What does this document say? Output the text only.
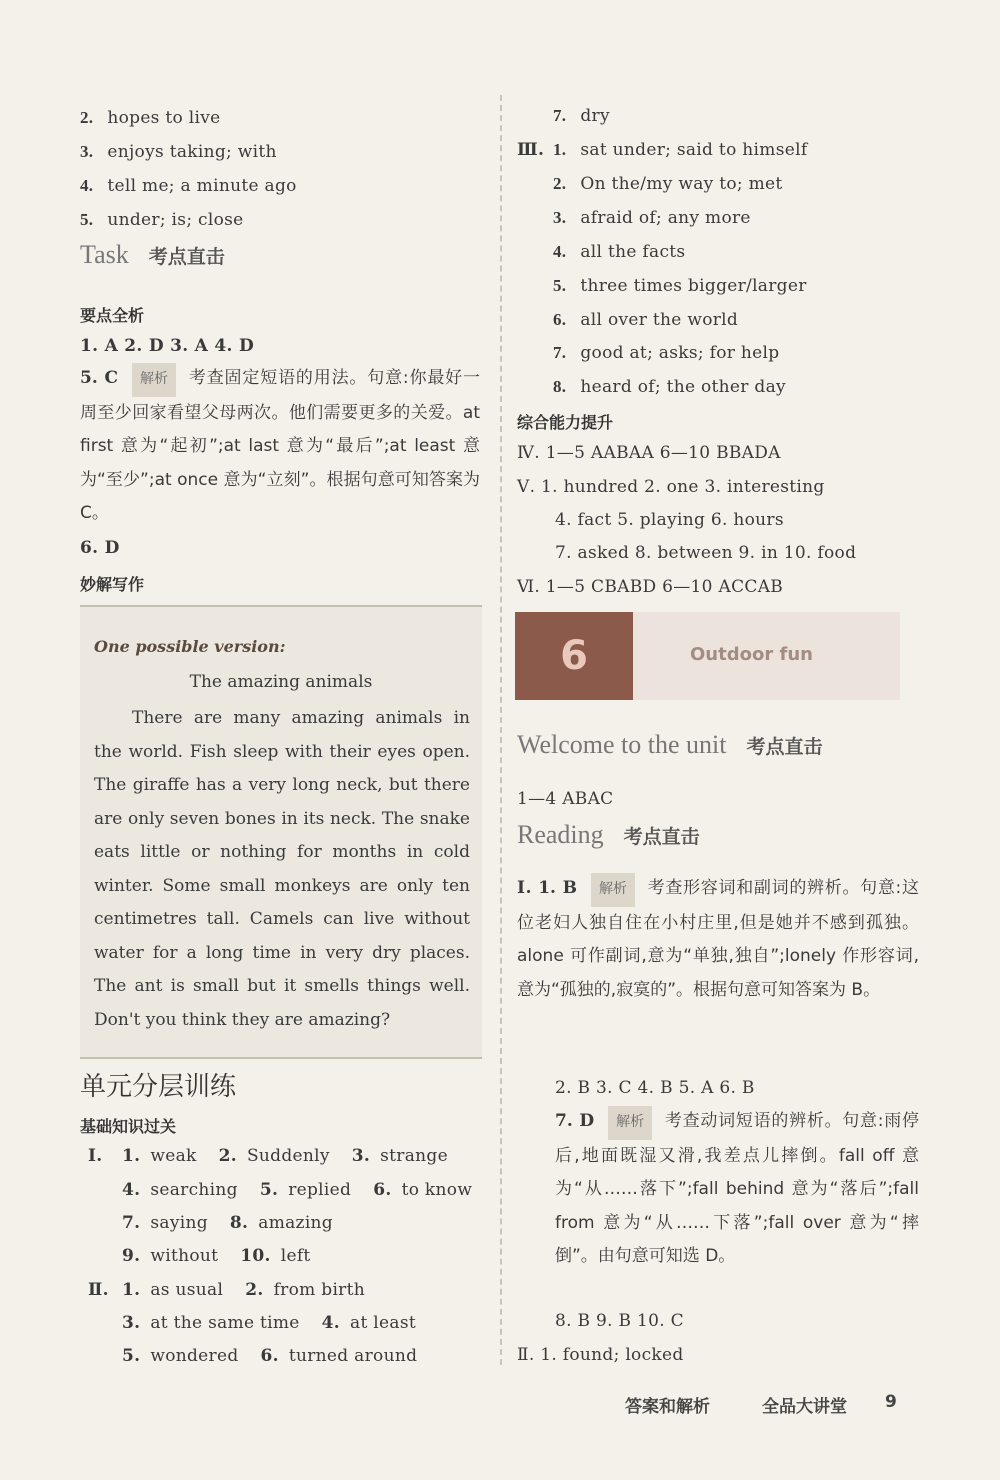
2. hopes to live
3. enjoys taking; with
4. tell me; a minute ago
5. under; is; close
Task 考点直击
要点全析
1. A 2. D 3. A 4. D
5. C 解析 考查固定短语的用法。句意:你最好一周至少回家看望父母两次。他们需要更多的关爱。at first 意为“起初”;at last 意为“最后”;at least 意为“至少”;at once 意为“立刻”。根据句意可知答案为 C。
6. D
妙解写作
One possible version:
The amazing animals
There are many amazing animals in the world. Fish sleep with their eyes open. The giraffe has a very long neck, but there are only seven bones in its neck. The snake eats little or nothing for months in cold winter. Some small monkeys are only ten centimetres tall. Camels can live without water for a long time in very dry places. The ant is small but it smells things well. Don't you think they are amazing?
单元分层训练
基础知识过关
Ⅰ. 1. weak 2. Suddenly 3. strange
4. searching 5. replied 6. to know
7. saying 8. amazing
9. without 10. left
Ⅱ. 1. as usual 2. from birth
3. at the same time 4. at least
5. wondered 6. turned around
7. dry
Ⅲ. 1. sat under; said to himself
2. On the/my way to; met
3. afraid of; any more
4. all the facts
5. three times bigger/larger
6. all over the world
7. good at; asks; for help
8. heard of; the other day
综合能力提升
Ⅳ. 1—5 AABAA 6—10 BBADA
Ⅴ. 1. hundred 2. one 3. interesting
4. fact 5. playing 6. hours
7. asked 8. between 9. in 10. food
Ⅵ. 1—5 CBABD 6—10 ACCAB
6	Outdoor fun
Welcome to the unit 考点直击
1—4 ABAC
Reading 考点直击
Ⅰ. 1. B 解析 考查形容词和副词的辨析。句意:这位老妇人独自住在小村庄里,但是她并不感到孤独。alone 可作副词,意为“单独,独自”;lonely 作形容词,意为“孤独的,寂寞的”。根据句意可知答案为 B。
2. B 3. C 4. B 5. A 6. B
7. D 解析 考查动词短语的辨析。句意:雨停后,地面既湿又滑,我差点儿摔倒。fall off 意为“从……落下”;fall behind 意为“落后”;fall from 意为“从……下落”;fall over 意为“摔倒”。由句意可知选 D。
8. B 9. B 10. C
Ⅱ. 1. found; locked
答案和解析	全品大讲堂 9
